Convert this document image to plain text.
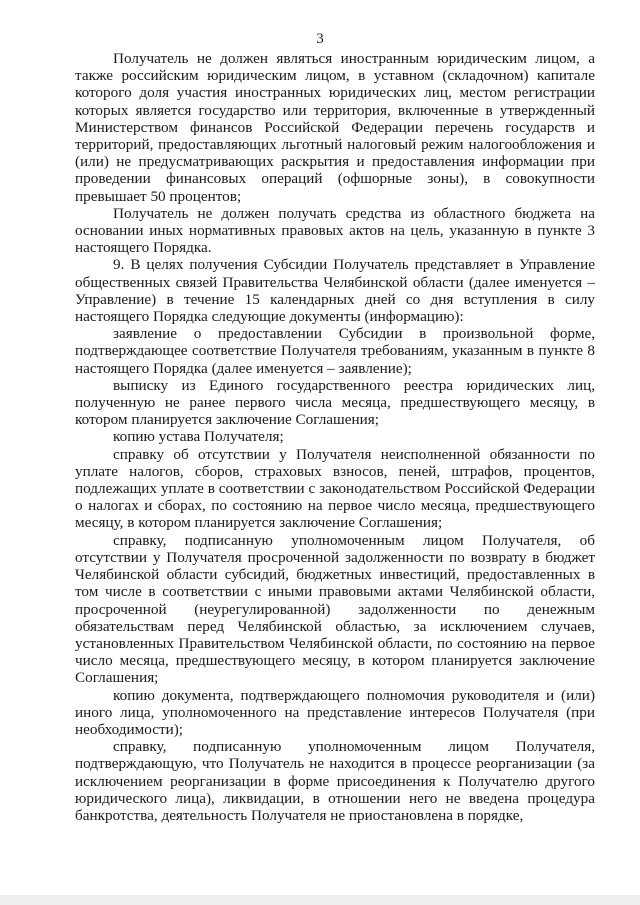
3

Получатель не должен являться иностранным юридическим лицом, а также российским юридическим лицом, в уставном (складочном) капитале которого доля участия иностранных юридических лиц, местом регистрации которых является государство или территория, включенные в утвержденный Министерством финансов Российской Федерации перечень государств и территорий, предоставляющих льготный налоговый режим налогообложения и (или) не предусматривающих раскрытия и предоставления информации при проведении финансовых операций (офшорные зоны), в совокупности превышает 50 процентов;

Получатель не должен получать средства из областного бюджета на основании иных нормативных правовых актов на цель, указанную в пункте 3 настоящего Порядка.

9. В целях получения Субсидии Получатель представляет в Управление общественных связей Правительства Челябинской области (далее именуется – Управление) в течение 15 календарных дней со дня вступления в силу настоящего Порядка следующие документы (информацию):

заявление о предоставлении Субсидии в произвольной форме, подтверждающее соответствие Получателя требованиям, указанным в пункте 8 настоящего Порядка (далее именуется – заявление);

выписку из Единого государственного реестра юридических лиц, полученную не ранее первого числа месяца, предшествующего месяцу, в котором планируется заключение Соглашения;

копию устава Получателя;

справку об отсутствии у Получателя неисполненной обязанности по уплате налогов, сборов, страховых взносов, пеней, штрафов, процентов, подлежащих уплате в соответствии с законодательством Российской Федерации о налогах и сборах, по состоянию на первое число месяца, предшествующего месяцу, в котором планируется заключение Соглашения;

справку, подписанную уполномоченным лицом Получателя, об отсутствии у Получателя просроченной задолженности по возврату в бюджет Челябинской области субсидий, бюджетных инвестиций, предоставленных в том числе в соответствии с иными правовыми актами Челябинской области, просроченной (неурегулированной) задолженности по денежным обязательствам перед Челябинской областью, за исключением случаев, установленных Правительством Челябинской области, по состоянию на первое число месяца, предшествующего месяцу, в котором планируется заключение Соглашения;

копию документа, подтверждающего полномочия руководителя и (или) иного лица, уполномоченного на представление интересов Получателя (при необходимости);

справку, подписанную уполномоченным лицом Получателя, подтверждающую, что Получатель не находится в процессе реорганизации (за исключением реорганизации в форме присоединения к Получателю другого юридического лица), ликвидации, в отношении него не введена процедура банкротства, деятельность Получателя не приостановлена в порядке,
